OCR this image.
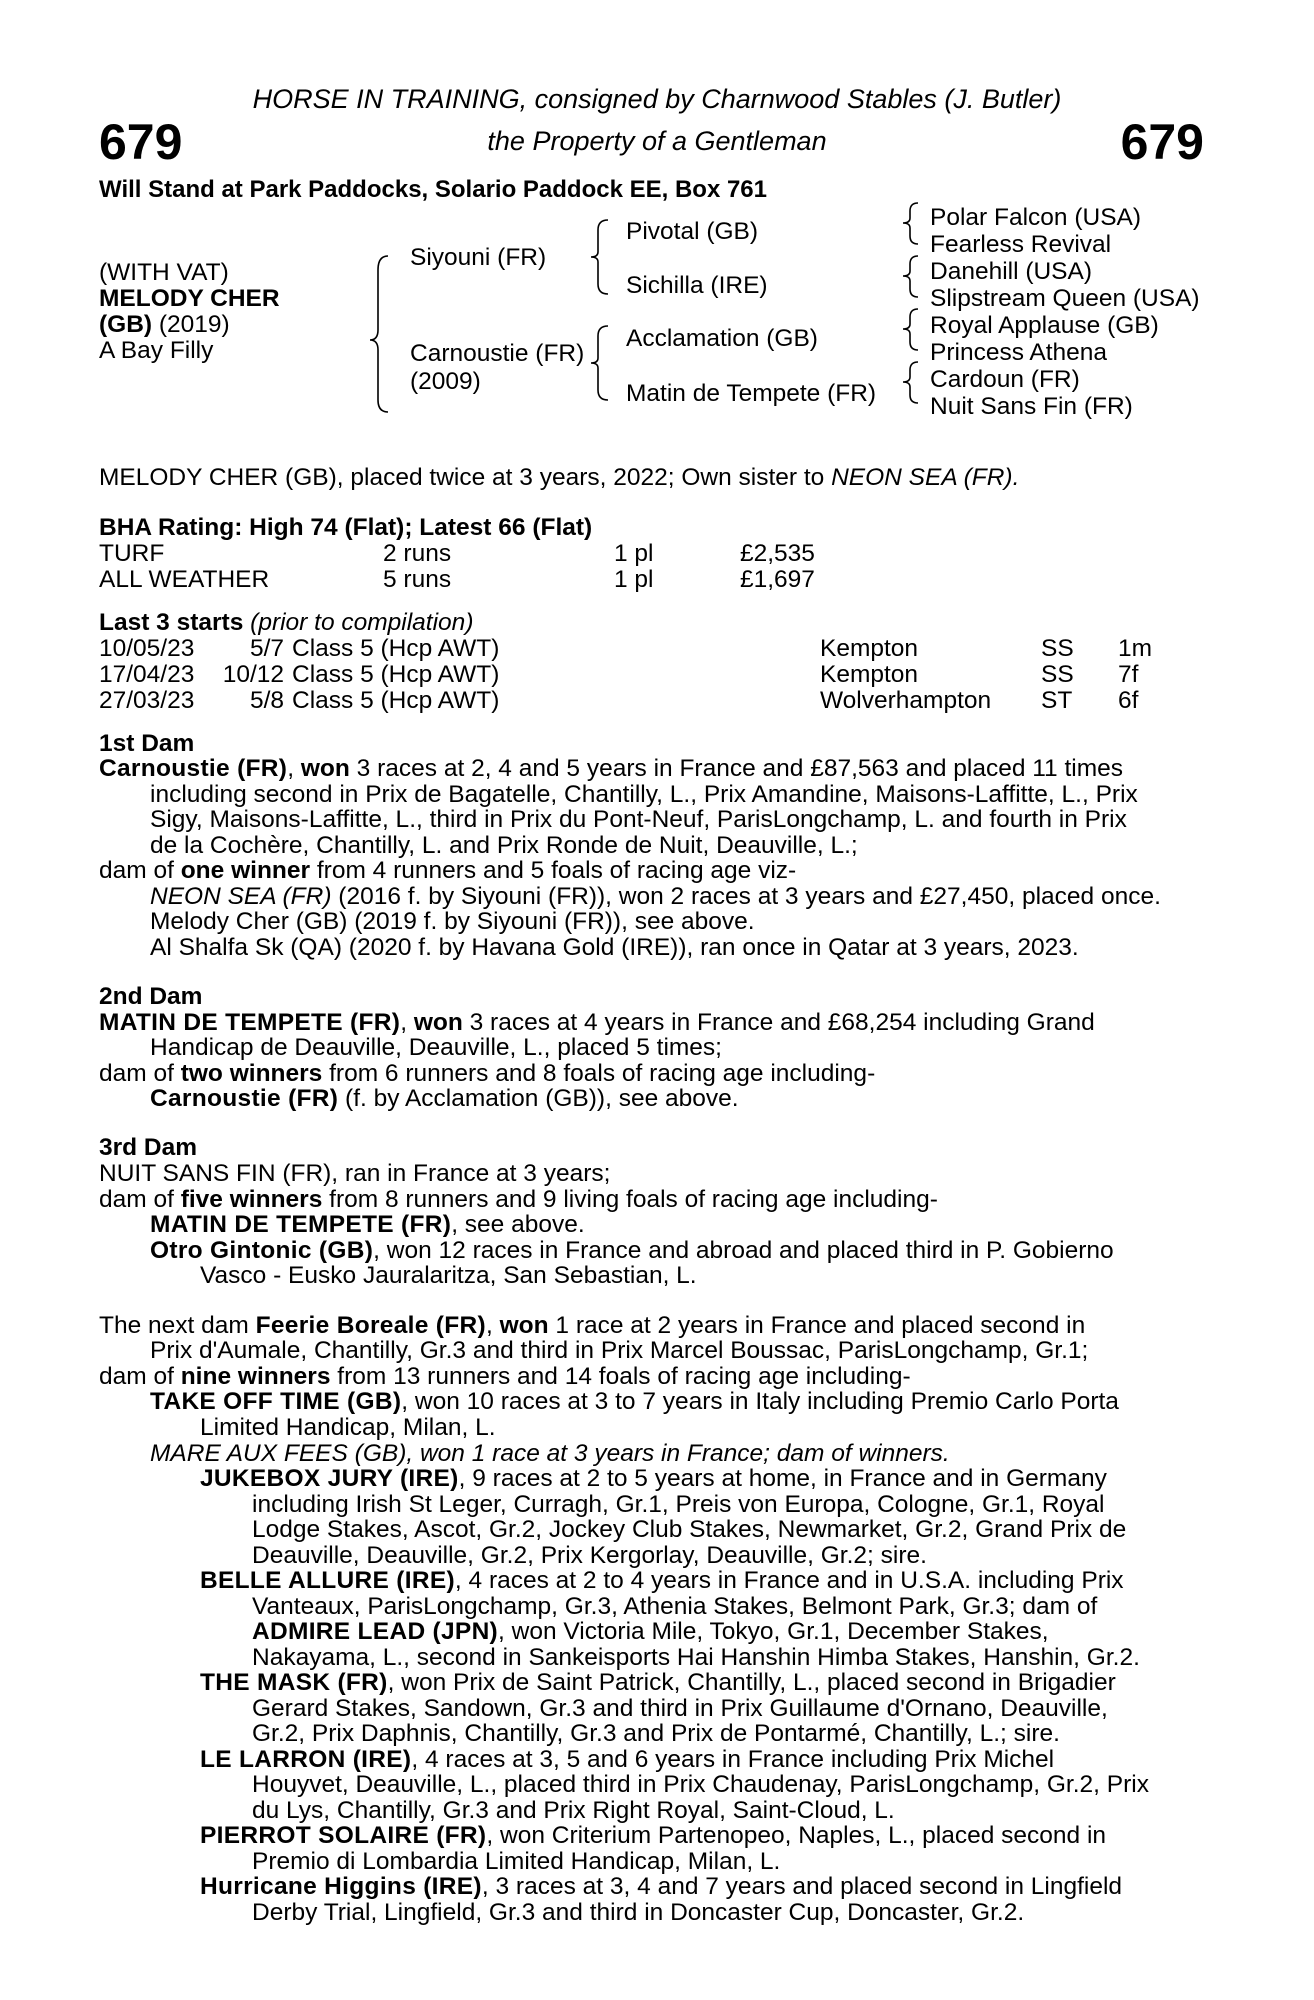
HORSE IN TRAINING, consigned by Charnwood Stables (J. Butler)
the Property of a Gentleman
679	679
Will Stand at Park Paddocks, Solario Paddock EE, Box 761
(WITH VAT)
MELODY CHER
(GB) (2019)
A Bay Filly
Siyouni (FR)
Carnoustie (FR)
(2009)
Pivotal (GB)
Sichilla (IRE)
Acclamation (GB)
Matin de Tempete (FR)
Polar Falcon (USA)
Fearless Revival
Danehill (USA)
Slipstream Queen (USA)
Royal Applause (GB)
Princess Athena
Cardoun (FR)
Nuit Sans Fin (FR)
MELODY CHER (GB), placed twice at 3 years, 2022; Own sister to NEON SEA (FR).
BHA Rating: High 74 (Flat); Latest 66 (Flat)
TURF	2 runs	1 pl	£2,535
ALL WEATHER	5 runs	1 pl	£1,697
Last 3 starts (prior to compilation)
10/05/23	5/7 Class 5 (Hcp AWT)	Kempton	SS 1m
17/04/23	10/12 Class 5 (Hcp AWT)	Kempton	SS 7f
27/03/23	5/8 Class 5 (Hcp AWT)	Wolverhampton ST 6f
1st Dam
Carnoustie (FR), won 3 races at 2, 4 and 5 years in France and £87,563 and placed 11 times
including second in Prix de Bagatelle, Chantilly, L., Prix Amandine, Maisons-Laffitte, L., Prix
Sigy, Maisons-Laffitte, L., third in Prix du Pont-Neuf, ParisLongchamp, L. and fourth in Prix
de la Cochère, Chantilly, L. and Prix Ronde de Nuit, Deauville, L.;
dam of one winner from 4 runners and 5 foals of racing age viz-
NEON SEA (FR) (2016 f. by Siyouni (FR)), won 2 races at 3 years and £27,450, placed once.
Melody Cher (GB) (2019 f. by Siyouni (FR)), see above.
Al Shalfa Sk (QA) (2020 f. by Havana Gold (IRE)), ran once in Qatar at 3 years, 2023.
2nd Dam
MATIN DE TEMPETE (FR), won 3 races at 4 years in France and £68,254 including Grand
Handicap de Deauville, Deauville, L., placed 5 times;
dam of two winners from 6 runners and 8 foals of racing age including-
Carnoustie (FR) (f. by Acclamation (GB)), see above.
3rd Dam
NUIT SANS FIN (FR), ran in France at 3 years;
dam of five winners from 8 runners and 9 living foals of racing age including-
MATIN DE TEMPETE (FR), see above.
Otro Gintonic (GB), won 12 races in France and abroad and placed third in P. Gobierno
Vasco - Eusko Jauralaritza, San Sebastian, L.
The next dam Feerie Boreale (FR), won 1 race at 2 years in France and placed second in
Prix d'Aumale, Chantilly, Gr.3 and third in Prix Marcel Boussac, ParisLongchamp, Gr.1;
dam of nine winners from 13 runners and 14 foals of racing age including-
TAKE OFF TIME (GB), won 10 races at 3 to 7 years in Italy including Premio Carlo Porta
Limited Handicap, Milan, L.
MARE AUX FEES (GB), won 1 race at 3 years in France; dam of winners.
JUKEBOX JURY (IRE), 9 races at 2 to 5 years at home, in France and in Germany
including Irish St Leger, Curragh, Gr.1, Preis von Europa, Cologne, Gr.1, Royal
Lodge Stakes, Ascot, Gr.2, Jockey Club Stakes, Newmarket, Gr.2, Grand Prix de
Deauville, Deauville, Gr.2, Prix Kergorlay, Deauville, Gr.2; sire.
BELLE ALLURE (IRE), 4 races at 2 to 4 years in France and in U.S.A. including Prix
Vanteaux, ParisLongchamp, Gr.3, Athenia Stakes, Belmont Park, Gr.3; dam of
ADMIRE LEAD (JPN), won Victoria Mile, Tokyo, Gr.1, December Stakes,
Nakayama, L., second in Sankeisports Hai Hanshin Himba Stakes, Hanshin, Gr.2.
THE MASK (FR), won Prix de Saint Patrick, Chantilly, L., placed second in Brigadier
Gerard Stakes, Sandown, Gr.3 and third in Prix Guillaume d'Ornano, Deauville,
Gr.2, Prix Daphnis, Chantilly, Gr.3 and Prix de Pontarmé, Chantilly, L.; sire.
LE LARRON (IRE), 4 races at 3, 5 and 6 years in France including Prix Michel
Houyvet, Deauville, L., placed third in Prix Chaudenay, ParisLongchamp, Gr.2, Prix
du Lys, Chantilly, Gr.3 and Prix Right Royal, Saint-Cloud, L.
PIERROT SOLAIRE (FR), won Criterium Partenopeo, Naples, L., placed second in
Premio di Lombardia Limited Handicap, Milan, L.
Hurricane Higgins (IRE), 3 races at 3, 4 and 7 years and placed second in Lingfield
Derby Trial, Lingfield, Gr.3 and third in Doncaster Cup, Doncaster, Gr.2.
